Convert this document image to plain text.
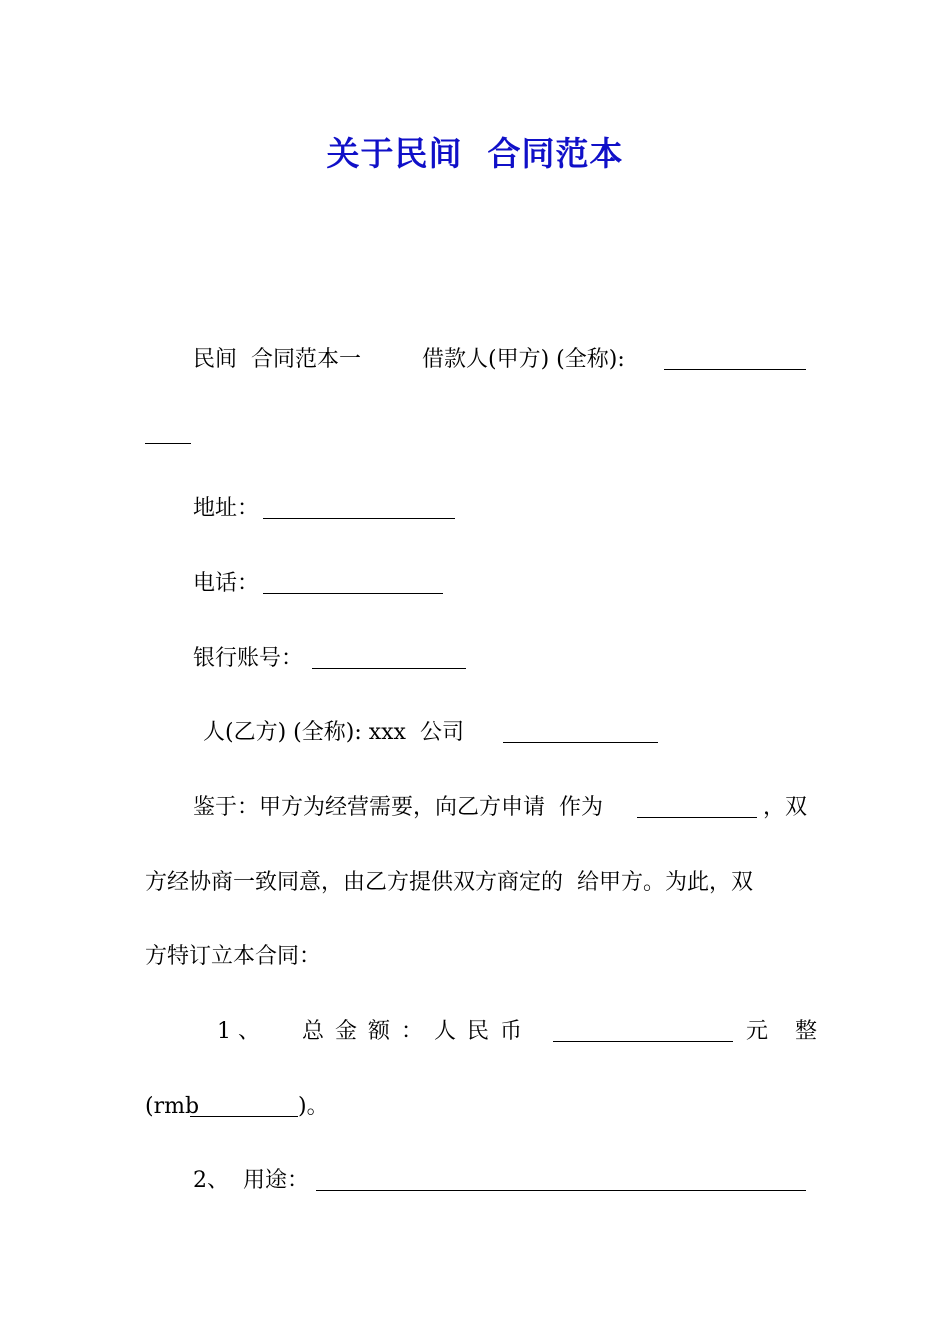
关于民间  合同范本
民间  合同范本一	借款人(甲方) (全称):
地址：
电话：
银行账号：
人(乙方) (全称): xxx  公司
鉴于：甲方为经营需要，向乙方申请  作为	，双
方经协商一致同意，由乙方提供双方商定的  给甲方。为此，双
方特订立本合同：
1 、 总 金 额 ： 人 民 币	元 整
(rmb	)。
2、 用途：
